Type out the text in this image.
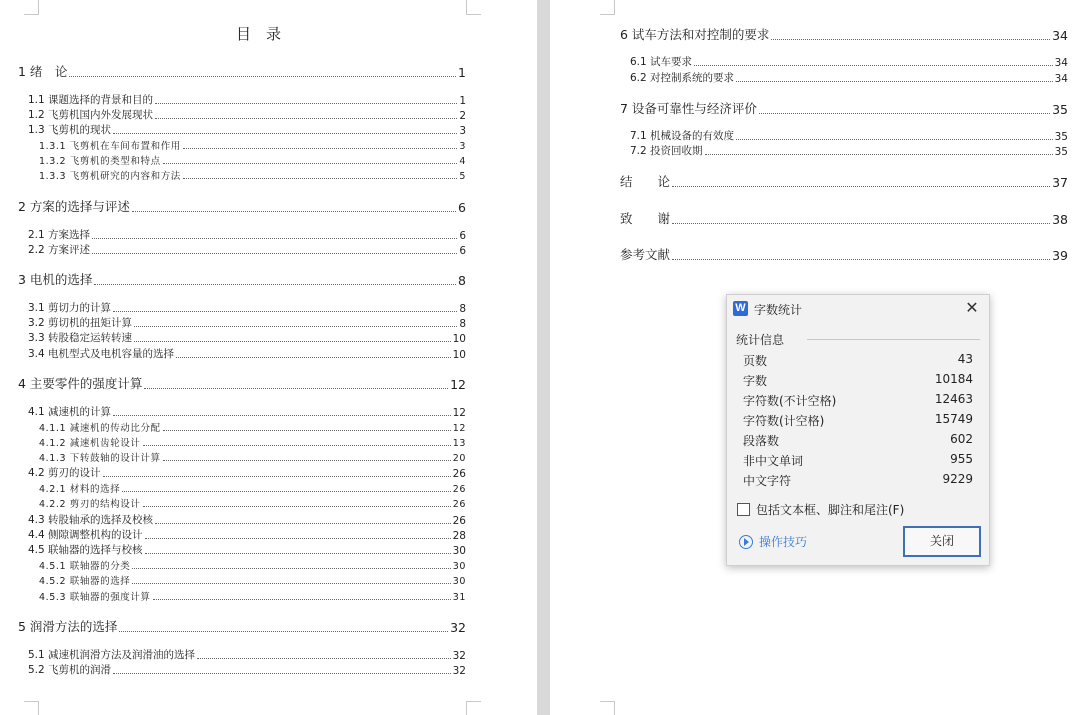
目　录
1 绪　论	1
1.1 课题选择的背景和目的	1
1.2 飞剪机国内外发展现状	2
1.3 飞剪机的现状	3
1.3.1 飞剪机在车间布置和作用	3
1.3.2 飞剪机的类型和特点	4
1.3.3 飞剪机研究的内容和方法	5
2 方案的选择与评述	6
2.1 方案选择	6
2.2 方案评述	6
3 电机的选择	8
3.1 剪切力的计算	8
3.2 剪切机的扭矩计算	8
3.3 转股稳定运转转速	10
3.4 电机型式及电机容量的选择	10
4 主要零件的强度计算	12
4.1 减速机的计算	12
4.1.1 减速机的传动比分配	12
4.1.2 减速机齿轮设计	13
4.1.3 下转鼓轴的设计计算	20
4.2 剪刃的设计	26
4.2.1 材料的选择	26
4.2.2 剪刃的结构设计	26
4.3 转股轴承的选择及校核	26
4.4 侧隙调整机构的设计	28
4.5 联轴器的选择与校核	30
4.5.1 联轴器的分类	30
4.5.2 联轴器的选择	30
4.5.3 联轴器的强度计算	31
5 润滑方法的选择	32
5.1 减速机润滑方法及润滑油的选择	32
5.2 飞剪机的润滑	32
6 试车方法和对控制的要求	34
6.1 试车要求	34
6.2 对控制系统的要求	34
7 设备可靠性与经济评价	35
7.1 机械设备的有效度	35
7.2 投资回收期	35
结　　论	37
致　　谢	38
参考文献	39
W 字数统计	✕
统计信息
页数	43
字数	10184
字符数(不计空格)	12463
字符数(计空格)	15749
段落数	602
非中文单词	955
中文字符	9229
包括文本框、脚注和尾注(F)
操作技巧	关闭
